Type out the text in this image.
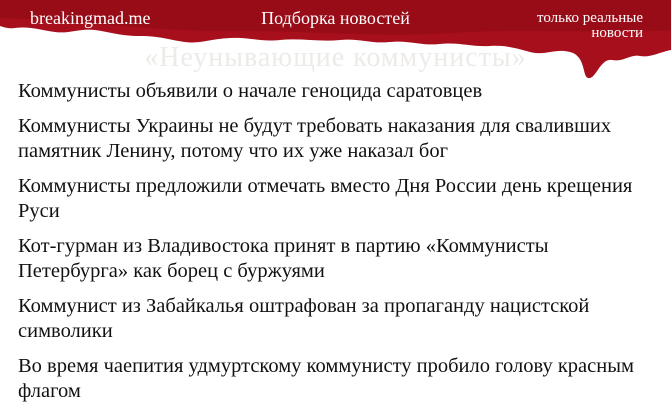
breakingmad.me	Подборка новостей	только реальные новости
«Неунывающие коммунисты»
Коммунисты объявили о начале геноцида саратовцев
Коммунисты Украины не будут требовать наказания для сваливших памятник Ленину, потому что их уже наказал бог
Коммунисты предложили отмечать вместо Дня России день крещения Руси
Кот-гурман из Владивостока принят в партию «Коммунисты Петербурга» как борец с буржуями
Коммунист из Забайкалья оштрафован за пропаганду нацистской символики
Во время чаепития удмуртскому коммунисту пробило голову красным флагом
